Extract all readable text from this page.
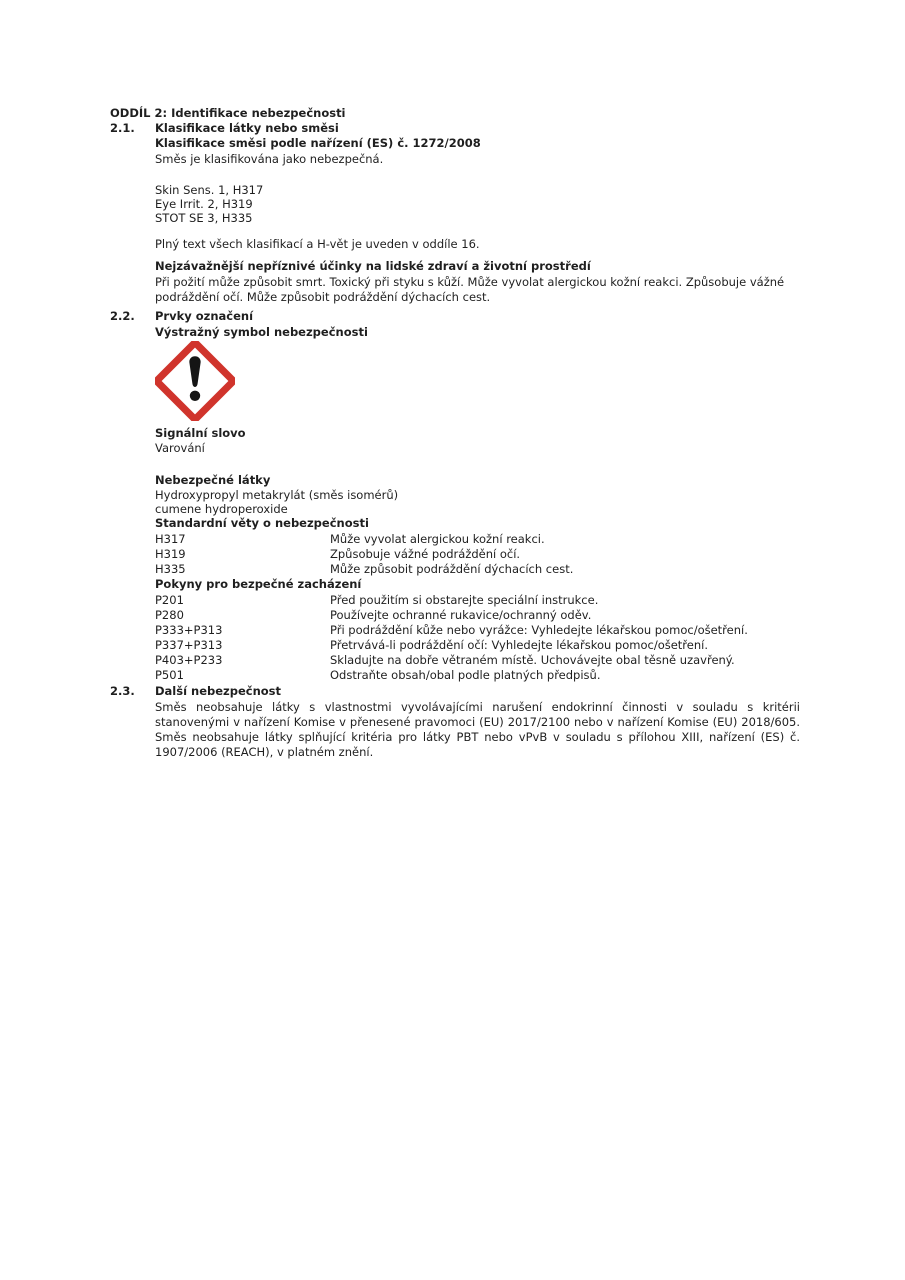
ODDÍL 2: Identifikace nebezpečnosti
2.1.	Klasifikace látky nebo směsi
Klasifikace směsi podle nařízení (ES) č. 1272/2008
Směs je klasifikována jako nebezpečná.
Skin Sens. 1, H317
Eye Irrit. 2, H319
STOT SE 3, H335
Plný text všech klasifikací a H-vět je uveden v oddíle 16.
Nejzávažnější nepříznivé účinky na lidské zdraví a životní prostředí
Při požití může způsobit smrt. Toxický při styku s kůží. Může vyvolat alergickou kožní reakci. Způsobuje vážné podráždění očí. Může způsobit podráždění dýchacích cest.
2.2.	Prvky označení
Výstražný symbol nebezpečnosti
Signální slovo
Varování
Nebezpečné látky
Hydroxypropyl metakrylát (směs isomérů)
cumene hydroperoxide
Standardní věty o nebezpečnosti
H317	Může vyvolat alergickou kožní reakci.
H319	Způsobuje vážné podráždění očí.
H335	Může způsobit podráždění dýchacích cest.
Pokyny pro bezpečné zacházení
P201	Před použitím si obstarejte speciální instrukce.
P280	Používejte ochranné rukavice/ochranný oděv.
P333+P313	Při podráždění kůže nebo vyrážce: Vyhledejte lékařskou pomoc/ošetření.
P337+P313	Přetrvává-li podráždění očí: Vyhledejte lékařskou pomoc/ošetření.
P403+P233	Skladujte na dobře větraném místě. Uchovávejte obal těsně uzavřený.
P501	Odstraňte obsah/obal podle platných předpisů.
2.3.	Další nebezpečnost
Směs neobsahuje látky s vlastnostmi vyvolávajícími narušení endokrinní činnosti v souladu s kritérii stanovenými v nařízení Komise v přenesené pravomoci (EU) 2017/2100 nebo v nařízení Komise (EU) 2018/605. Směs neobsahuje látky splňující kritéria pro látky PBT nebo vPvB v souladu s přílohou XIII, nařízení (ES) č. 1907/2006 (REACH), v platném znění.
